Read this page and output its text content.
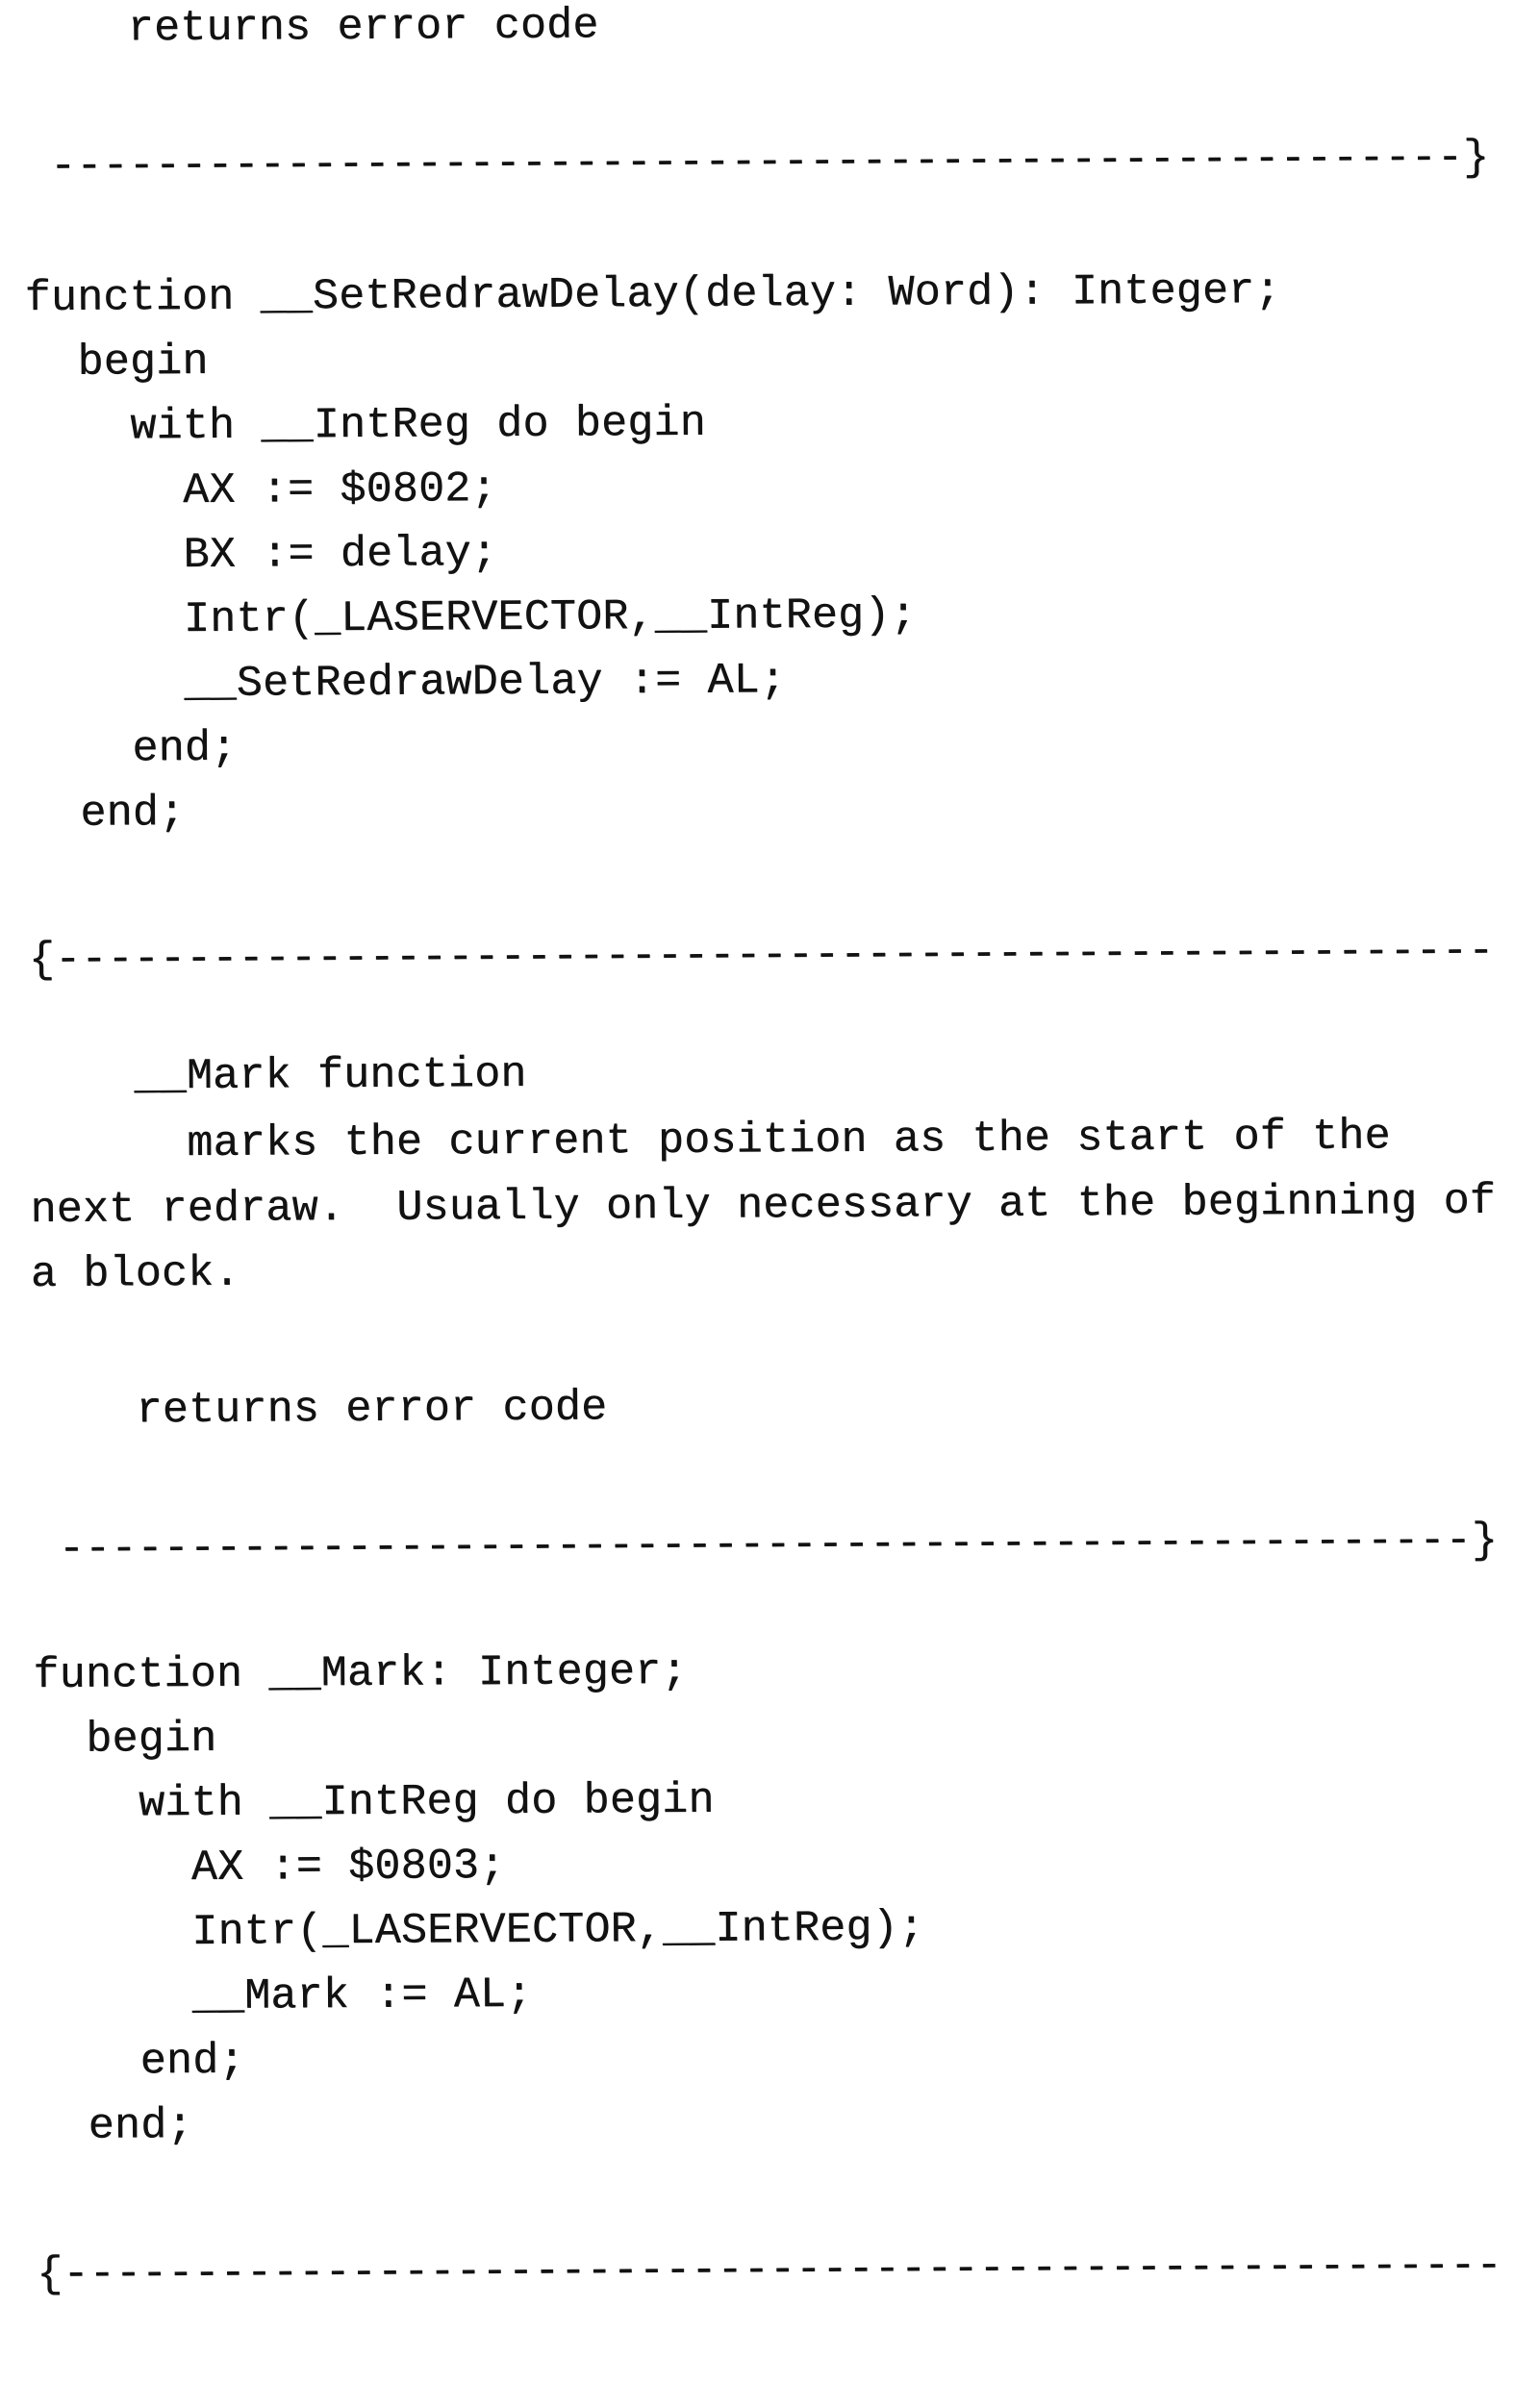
returns error code
------------------------------------------------------}
function __SetRedrawDelay(delay: Word): Integer;
begin
with __IntReg do begin
AX := $0802;
BX := delay;
Intr(_LASERVECTOR,__IntReg);
__SetRedrawDelay := AL;
end;
end;
{-------------------------------------------------------
__Mark function
marks the current position as the start of the
next redraw.  Usually only necessary at the beginning of
a block.
returns error code
------------------------------------------------------}
function __Mark: Integer;
begin
with __IntReg do begin
AX := $0803;
Intr(_LASERVECTOR,__IntReg);
__Mark := AL;
end;
end;
{-------------------------------------------------------
